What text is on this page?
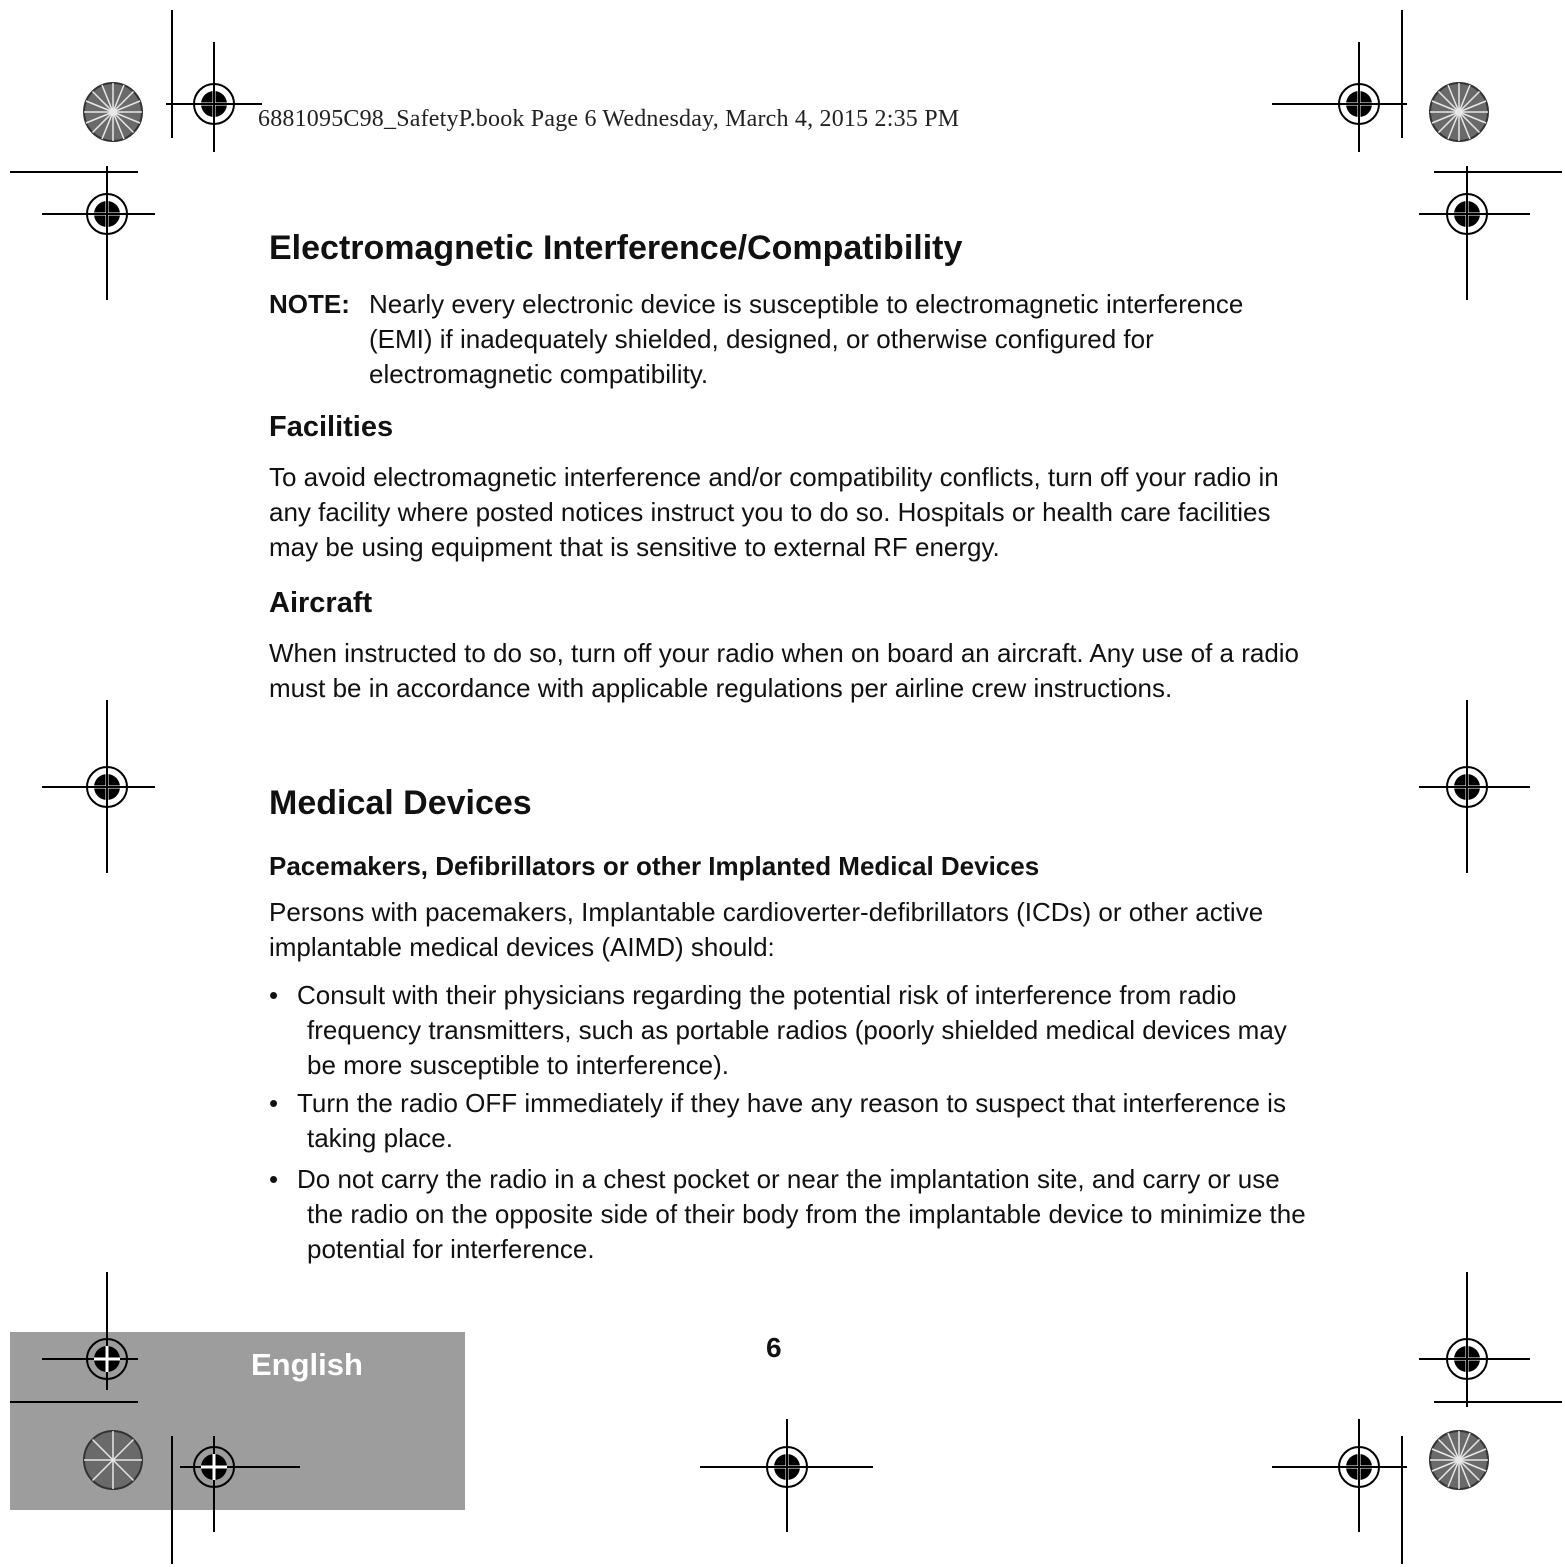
6881095C98_SafetyP.book Page 6 Wednesday, March 4, 2015 2:35 PM
English	6
Electromagnetic Interference/Compatibility
NOTE: Nearly every electronic device is susceptible to electromagnetic interference (EMI) if inadequately shielded, designed, or otherwise configured for electromagnetic compatibility.
Facilities

To avoid electromagnetic interference and/or compatibility conflicts, turn off your radio in any facility where posted notices instruct you to do so. Hospitals or health care facilities may be using equipment that is sensitive to external RF energy.

Aircraft

When instructed to do so, turn off your radio when on board an aircraft. Any use of a radio must be in accordance with applicable regulations per airline crew instructions.

Medical Devices
Pacemakers, Defibrillators or other Implanted Medical Devices

Persons with pacemakers, Implantable cardioverter-defibrillators (ICDs) or other active implantable medical devices (AIMD) should:

• Consult with their physicians regarding the potential risk of interference from radio frequency transmitters, such as portable radios (poorly shielded medical devices may be more susceptible to interference).
• Turn the radio OFF immediately if they have any reason to suspect that interference is taking place.
• Do not carry the radio in a chest pocket or near the implantation site, and carry or use the radio on the opposite side of their body from the implantable device to minimize the potential for interference.
